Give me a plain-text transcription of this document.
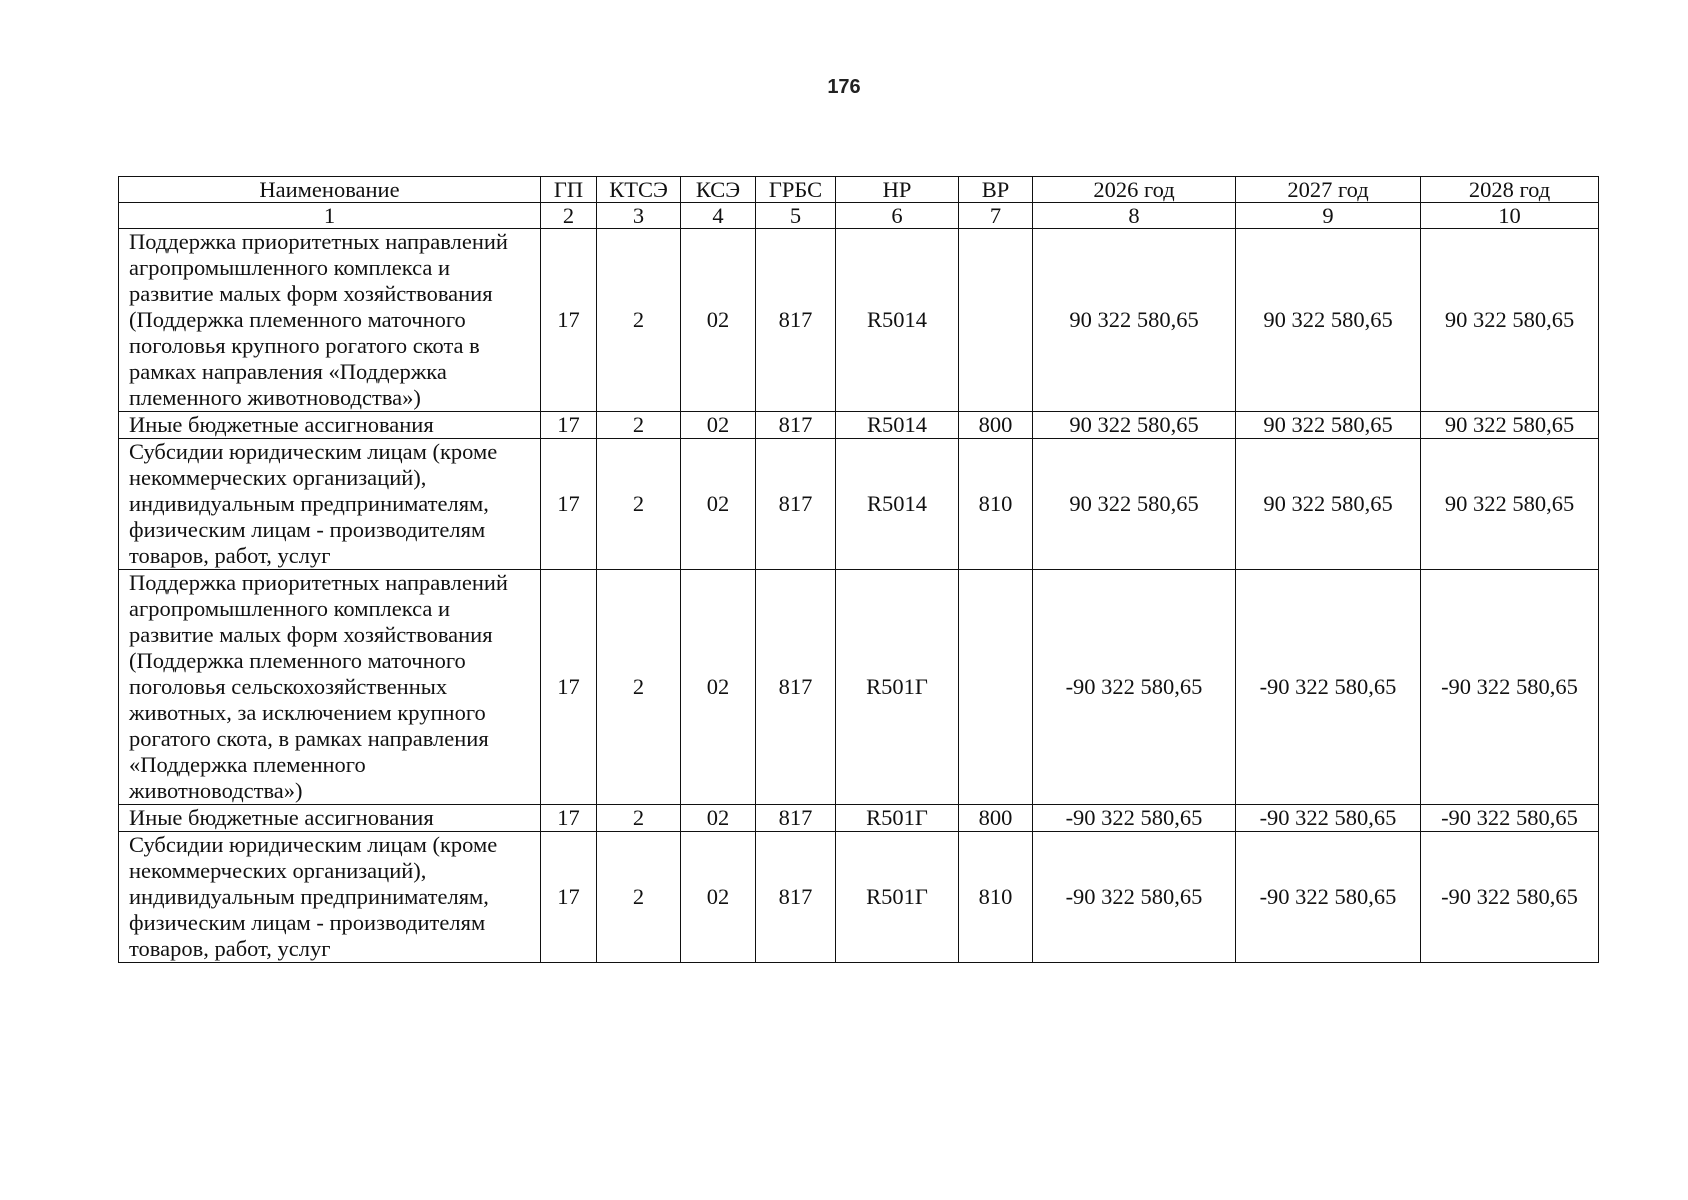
176
Наименование	ГП	КТСЭ	КСЭ	ГРБС	НР	ВР	2026 год	2027 год	2028 год
1	2	3	4	5	6	7	8	9	10
Поддержка приоритетных направлений агропромышленного комплекса и развитие малых форм хозяйствования (Поддержка племенного маточного поголовья крупного рогатого скота в рамках направления «Поддержка племенного животноводства»)	17	2	02	817	R5014		90 322 580,65	90 322 580,65	90 322 580,65
Иные бюджетные ассигнования	17	2	02	817	R5014	800	90 322 580,65	90 322 580,65	90 322 580,65
Субсидии юридическим лицам (кроме некоммерческих организаций), индивидуальным предпринимателям, физическим лицам - производителям товаров, работ, услуг	17	2	02	817	R5014	810	90 322 580,65	90 322 580,65	90 322 580,65
Поддержка приоритетных направлений агропромышленного комплекса и развитие малых форм хозяйствования (Поддержка племенного маточного поголовья сельскохозяйственных животных, за исключением крупного рогатого скота, в рамках направления «Поддержка племенного животноводства»)	17	2	02	817	R501Г		-90 322 580,65	-90 322 580,65	-90 322 580,65
Иные бюджетные ассигнования	17	2	02	817	R501Г	800	-90 322 580,65	-90 322 580,65	-90 322 580,65
Субсидии юридическим лицам (кроме некоммерческих организаций), индивидуальным предпринимателям, физическим лицам - производителям товаров, работ, услуг	17	2	02	817	R501Г	810	-90 322 580,65	-90 322 580,65	-90 322 580,65
